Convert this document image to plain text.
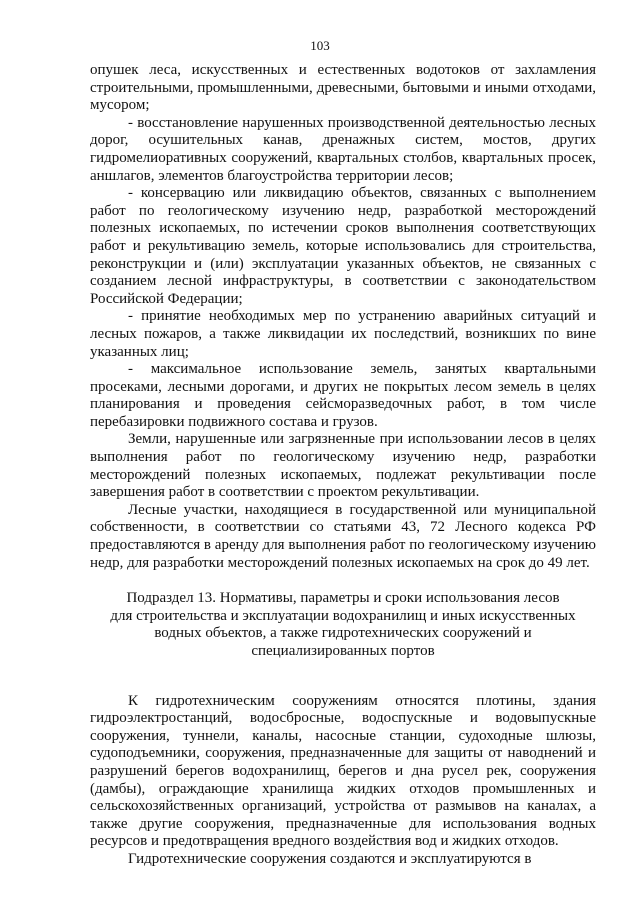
103

опушек леса, искусственных и естественных водотоков от захламления строительными, промышленными, древесными, бытовыми и иными отходами, мусором;

- восстановление нарушенных производственной деятельностью лесных дорог, осушительных канав, дренажных систем, мостов, других гидромелиоративных сооружений, квартальных столбов, квартальных просек, аншлагов, элементов благоустройства территории лесов;

- консервацию или ликвидацию объектов, связанных с выполнением работ по геологическому изучению недр, разработкой месторождений полезных ископаемых, по истечении сроков выполнения соответствующих работ и рекультивацию земель, которые использовались для строительства, реконструкции и (или) эксплуатации указанных объектов, не связанных с созданием лесной инфраструктуры, в соответствии с законодательством Российской Федерации;

- принятие необходимых мер по устранению аварийных ситуаций и лесных пожаров, а также ликвидации их последствий, возникших по вине указанных лиц;

- максимальное использование земель, занятых квартальными просеками, лесными дорогами, и других не покрытых лесом земель в целях планирования и проведения сейсморазведочных работ, в том числе перебазировки подвижного состава и грузов.

Земли, нарушенные или загрязненные при использовании лесов в целях выполнения работ по геологическому изучению недр, разработки месторождений полезных ископаемых, подлежат рекультивации после завершения работ в соответствии с проектом рекультивации.

Лесные участки, находящиеся в государственной или муниципальной собственности, в соответствии со статьями 43, 72 Лесного кодекса РФ предоставляются в аренду для выполнения работ по геологическому изучению недр, для разработки месторождений полезных ископаемых на срок до 49 лет.

Подраздел 13. Нормативы, параметры и сроки использования лесов
для строительства и эксплуатации водохранилищ и иных искусственных
водных объектов, а также гидротехнических сооружений и
специализированных портов

К гидротехническим сооружениям относятся плотины, здания гидроэлектростанций, водосбросные, водоспускные и водовыпускные сооружения, туннели, каналы, насосные станции, судоходные шлюзы, судоподъемники, сооружения, предназначенные для защиты от наводнений и разрушений берегов водохранилищ, берегов и дна русел рек, сооружения (дамбы), ограждающие хранилища жидких отходов промышленных и сельскохозяйственных организаций, устройства от размывов на каналах, а также другие сооружения, предназначенные для использования водных ресурсов и предотвращения вредного воздействия вод и жидких отходов.

Гидротехнические сооружения создаются и эксплуатируются в
